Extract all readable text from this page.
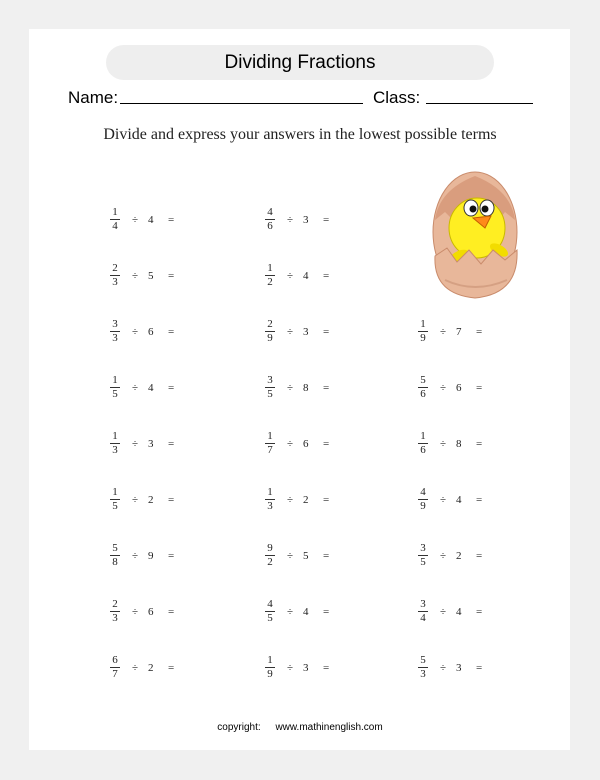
Dividing Fractions
Name:	Class:
Divide and express your answers in the lowest possible terms
1
4 ÷ 4 =
4
6 ÷ 3 =
2
3 ÷ 5 =
1
2 ÷ 4 =
3
3 ÷ 6 =
2
9 ÷ 3 =
1
9 ÷ 7 =
1
5 ÷ 4 =
3
5 ÷ 8 =
5
6 ÷ 6 =
1
3 ÷ 3 =
1
7 ÷ 6 =
1
6 ÷ 8 =
1
5 ÷ 2 =
1
3 ÷ 2 =
4
9 ÷ 4 =
5
8 ÷ 9 =
9
2 ÷ 5 =
3
5 ÷ 2 =
2
3 ÷ 6 =
4
5 ÷ 4 =
3
4 ÷ 4 =
6
7 ÷ 2 =
1
9 ÷ 3 =
5
3 ÷ 3 =
copyright: www.mathinenglish.com
